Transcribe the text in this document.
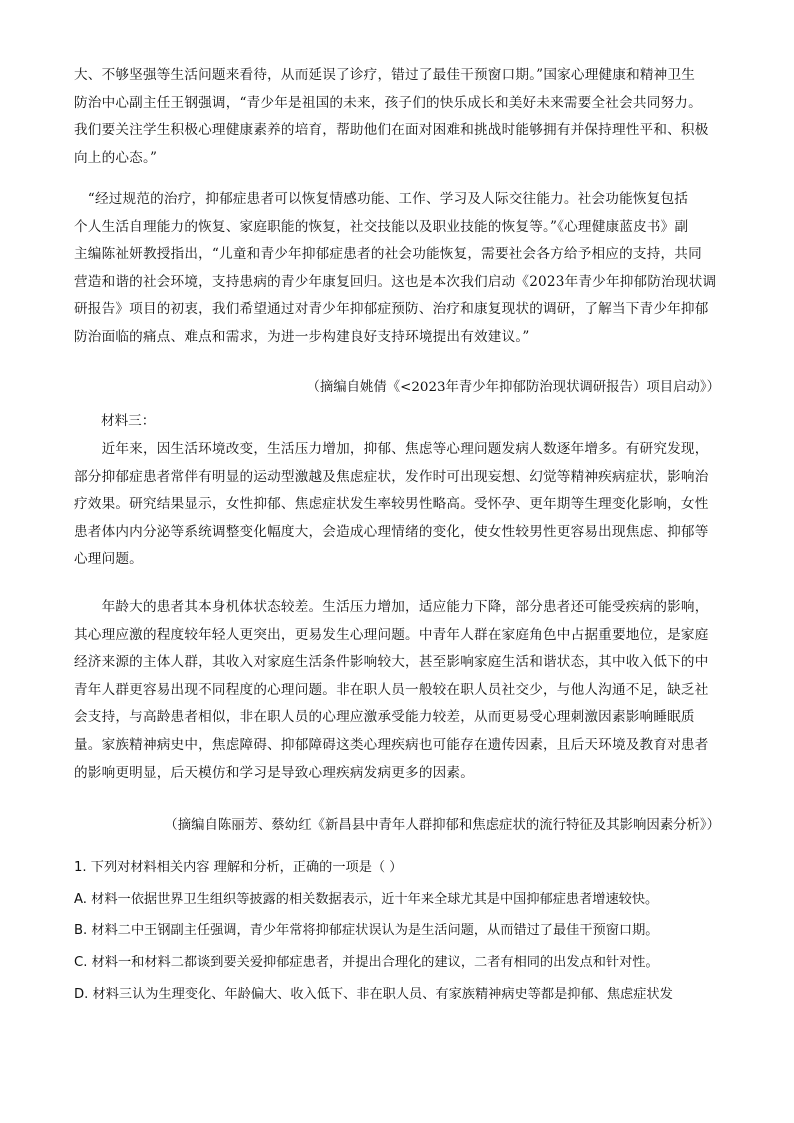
大、不够坚强等生活问题来看待，从而延误了诊疗，错过了最佳干预窗口期。”国家心理健康和精神卫生
防治中心副主任王钢强调，“青少年是祖国的未来，孩子们的快乐成长和美好未来需要全社会共同努力。
我们要关注学生积极心理健康素养的培育，帮助他们在面对困难和挑战时能够拥有并保持理性平和、积极
向上的心态。”
　“经过规范的治疗，抑郁症患者可以恢复情感功能、工作、学习及人际交往能力。社会功能恢复包括
个人生活自理能力的恢复、家庭职能的恢复，社交技能以及职业技能的恢复等。”《心理健康蓝皮书》副
主编陈祉妍教授指出，“儿童和青少年抑郁症患者的社会功能恢复，需要社会各方给予相应的支持，共同
营造和谐的社会环境，支持患病的青少年康复回归。这也是本次我们启动《2023年青少年抑郁防治现状调
研报告》项目的初衷，我们希望通过对青少年抑郁症预防、治疗和康复现状的调研，了解当下青少年抑郁
防治面临的痛点、难点和需求，为进一步构建良好支持环境提出有效建议。”
（摘编自姚倩《<2023年青少年抑郁防治现状调研报告）项目启动》）
材料三：
　　近年来，因生活环境改变，生活压力增加，抑郁、焦虑等心理问题发病人数逐年增多。有研究发现，
部分抑郁症患者常伴有明显的运动型激越及焦虑症状，发作时可出现妄想、幻觉等精神疾病症状，影响治
疗效果。研究结果显示，女性抑郁、焦虑症状发生率较男性略高。受怀孕、更年期等生理变化影响，女性
患者体内内分泌等系统调整变化幅度大，会造成心理情绪的变化，使女性较男性更容易出现焦虑、抑郁等
心理问题。
　　年龄大的患者其本身机体状态较差。生活压力增加，适应能力下降，部分患者还可能受疾病的影响，
其心理应激的程度较年轻人更突出，更易发生心理问题。中青年人群在家庭角色中占据重要地位，是家庭
经济来源的主体人群，其收入对家庭生活条件影响较大，甚至影响家庭生活和谐状态，其中收入低下的中
青年人群更容易出现不同程度的心理问题。非在职人员一般较在职人员社交少，与他人沟通不足，缺乏社
会支持，与高龄患者相似，非在职人员的心理应激承受能力较差，从而更易受心理刺激因素影响睡眠质
量。家族精神病史中，焦虑障碍、抑郁障碍这类心理疾病也可能存在遗传因素，且后天环境及教育对患者
的影响更明显，后天模仿和学习是导致心理疾病发病更多的因素。
（摘编自陈丽芳、蔡幼红《新昌县中青年人群抑郁和焦虑症状的流行特征及其影响因素分析》）
1. 下列对材料相关内容 理解和分析，正确的一项是（ ）
A. 材料一依据世界卫生组织等披露的相关数据表示，近十年来全球尤其是中国抑郁症患者增速较快。
B. 材料二中王钢副主任强调，青少年常将抑郁症状误认为是生活问题，从而错过了最佳干预窗口期。
C. 材料一和材料二都谈到要关爱抑郁症患者，并提出合理化的建议，二者有相同的出发点和针对性。
D. 材料三认为生理变化、年龄偏大、收入低下、非在职人员、有家族精神病史等都是抑郁、焦虑症状发
